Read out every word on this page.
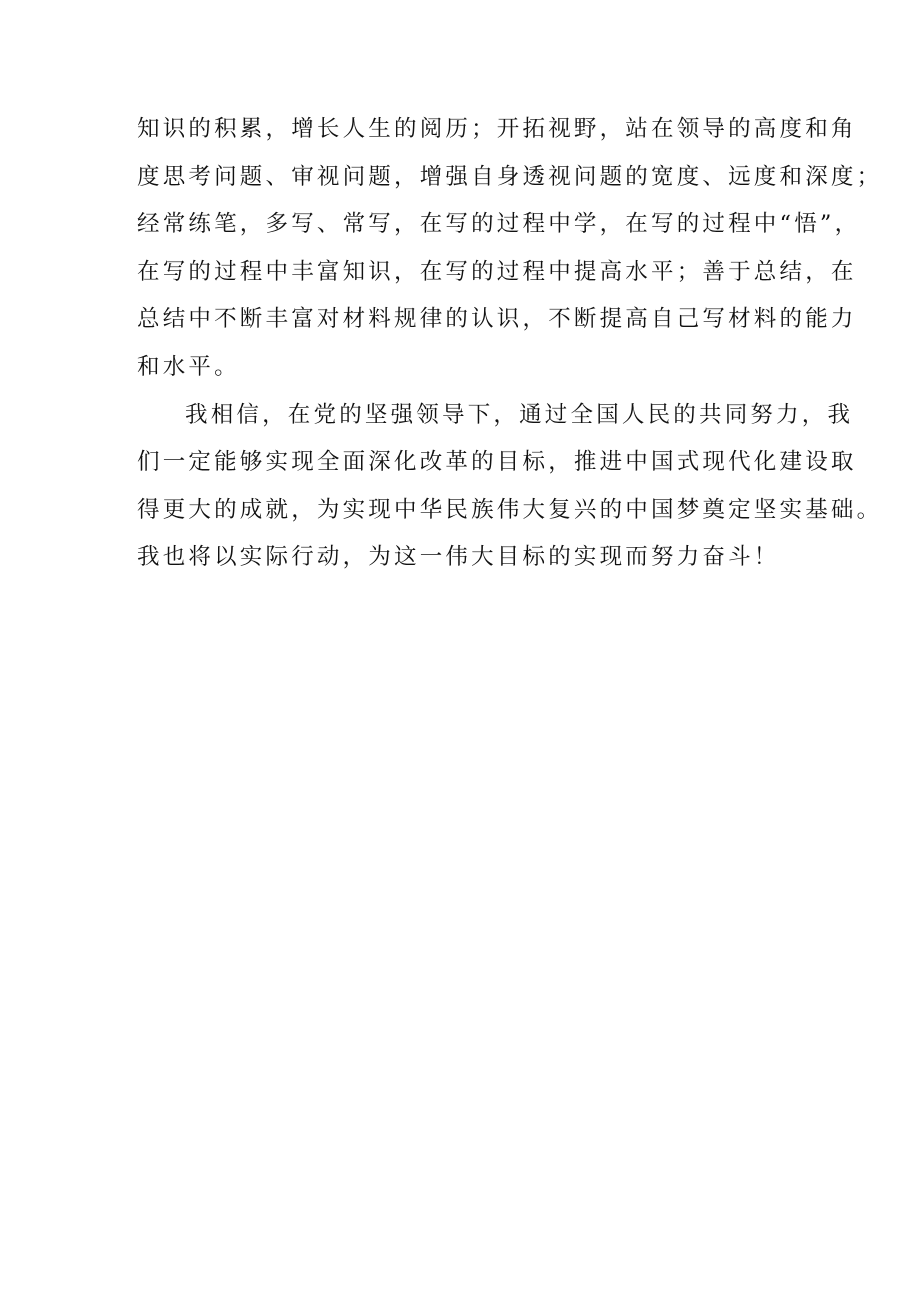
知识的积累，增长人生的阅历；开拓视野，站在领导的高度和角
度思考问题、审视问题，增强自身透视问题的宽度、远度和深度；
经常练笔，多写、常写，在写的过程中学，在写的过程中“悟”，
在写的过程中丰富知识，在写的过程中提高水平；善于总结，在
总结中不断丰富对材料规律的认识，不断提高自己写材料的能力
和水平。

我相信，在党的坚强领导下，通过全国人民的共同努力，我
们一定能够实现全面深化改革的目标，推进中国式现代化建设取
得更大的成就，为实现中华民族伟大复兴的中国梦奠定坚实基础。
我也将以实际行动，为这一伟大目标的实现而努力奋斗！
